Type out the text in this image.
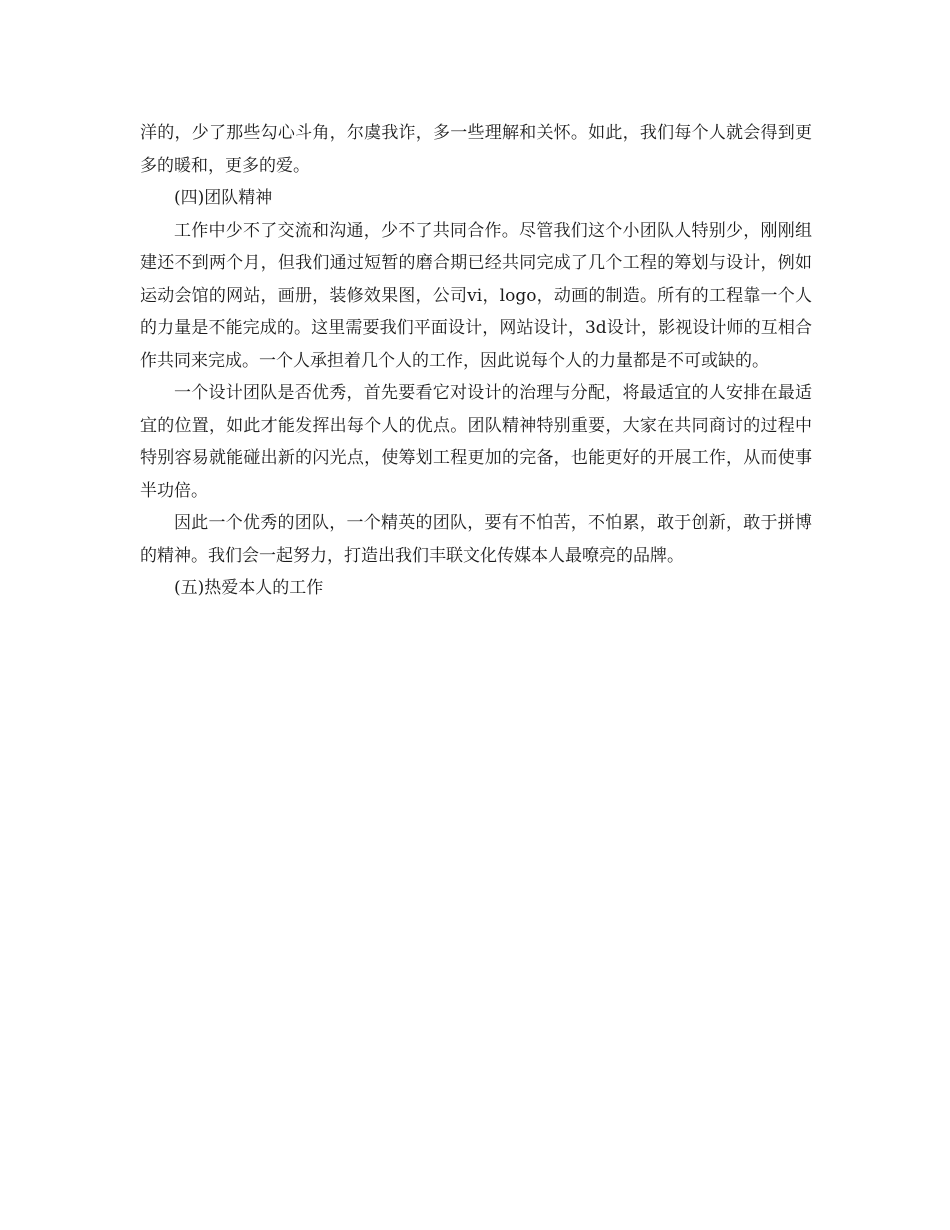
洋的，少了那些勾心斗角，尔虞我诈，多一些理解和关怀。如此，我们每个人就会得到更多的暖和，更多的爱。

(四)团队精神

工作中少不了交流和沟通，少不了共同合作。尽管我们这个小团队人特别少，刚刚组建还不到两个月，但我们通过短暂的磨合期已经共同完成了几个工程的筹划与设计，例如运动会馆的网站，画册，装修效果图，公司vi，logo，动画的制造。所有的工程靠一个人的力量是不能完成的。这里需要我们平面设计，网站设计，3d设计，影视设计师的互相合作共同来完成。一个人承担着几个人的工作，因此说每个人的力量都是不可或缺的。

一个设计团队是否优秀，首先要看它对设计的治理与分配，将最适宜的人安排在最适宜的位置，如此才能发挥出每个人的优点。团队精神特别重要，大家在共同商讨的过程中特别容易就能碰出新的闪光点，使筹划工程更加的完备，也能更好的开展工作，从而使事半功倍。

因此一个优秀的团队，一个精英的团队，要有不怕苦，不怕累，敢于创新，敢于拼博的精神。我们会一起努力，打造出我们丰联文化传媒本人最嘹亮的品牌。

(五)热爱本人的工作
